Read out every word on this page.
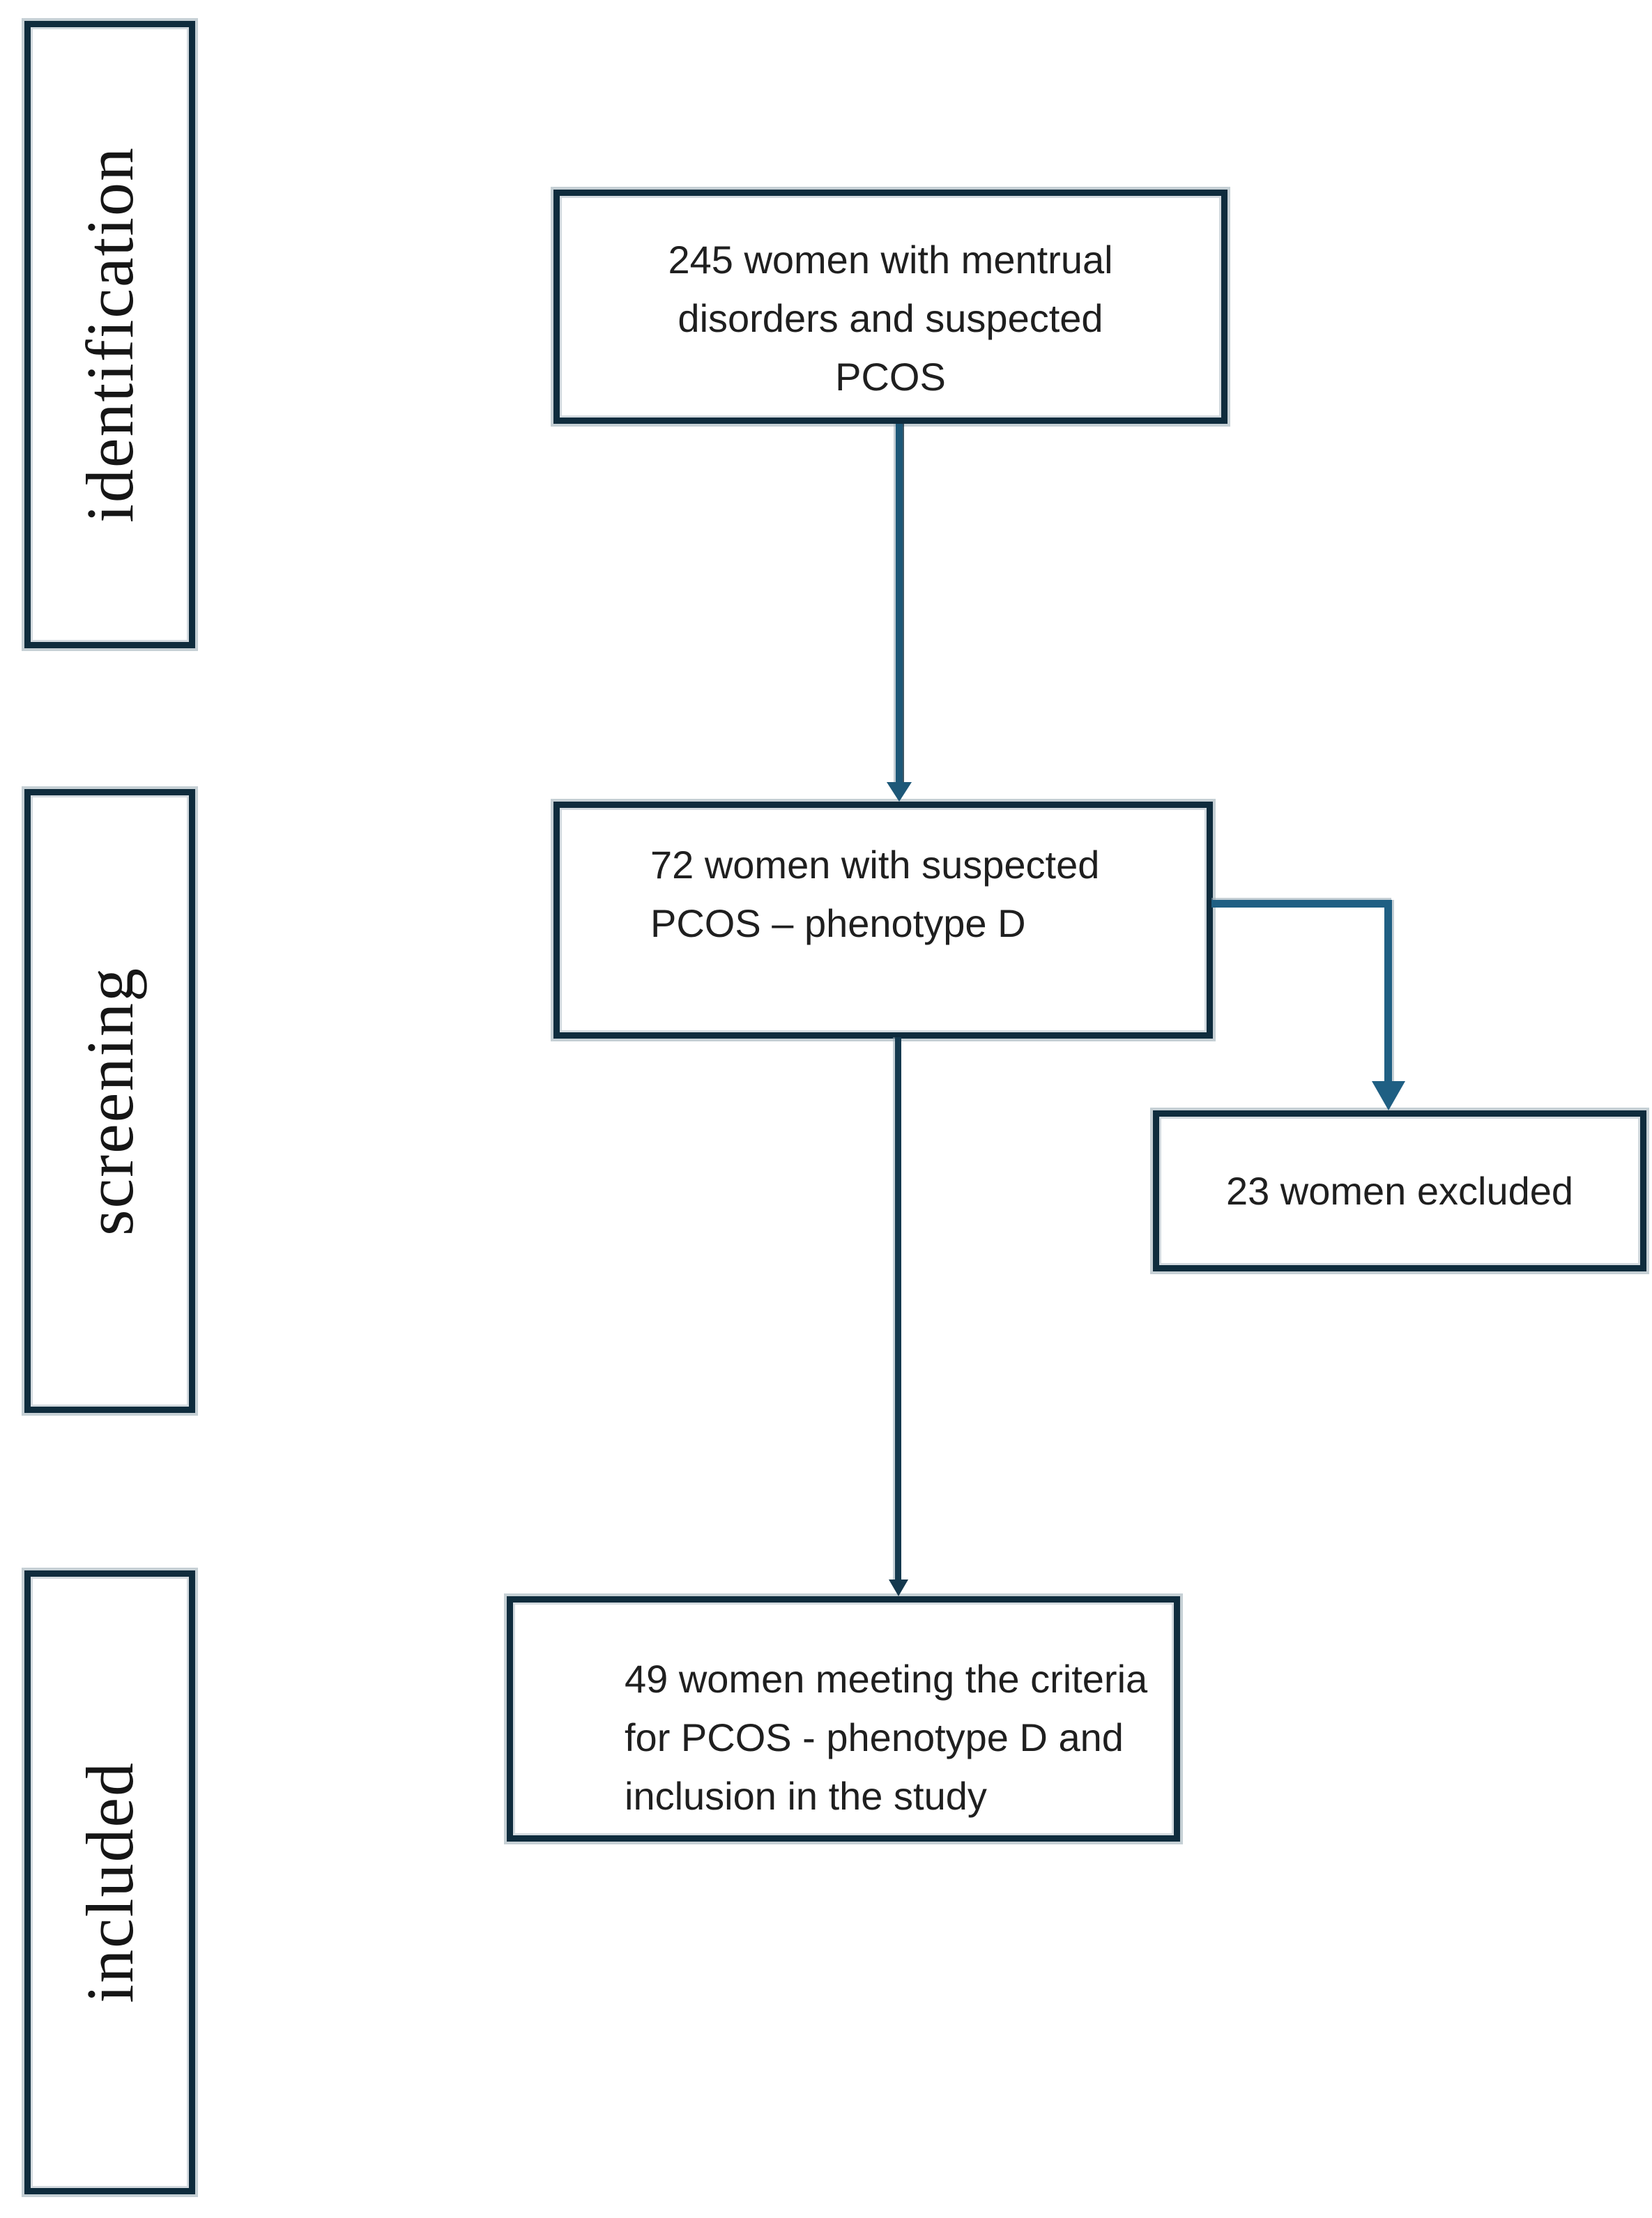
identification
screening
included
245 women with mentrual disorders and suspected PCOS
72 women with suspected PCOS – phenotype D
23 women excluded
49 women meeting the criteria for PCOS - phenotype D and inclusion in the study
